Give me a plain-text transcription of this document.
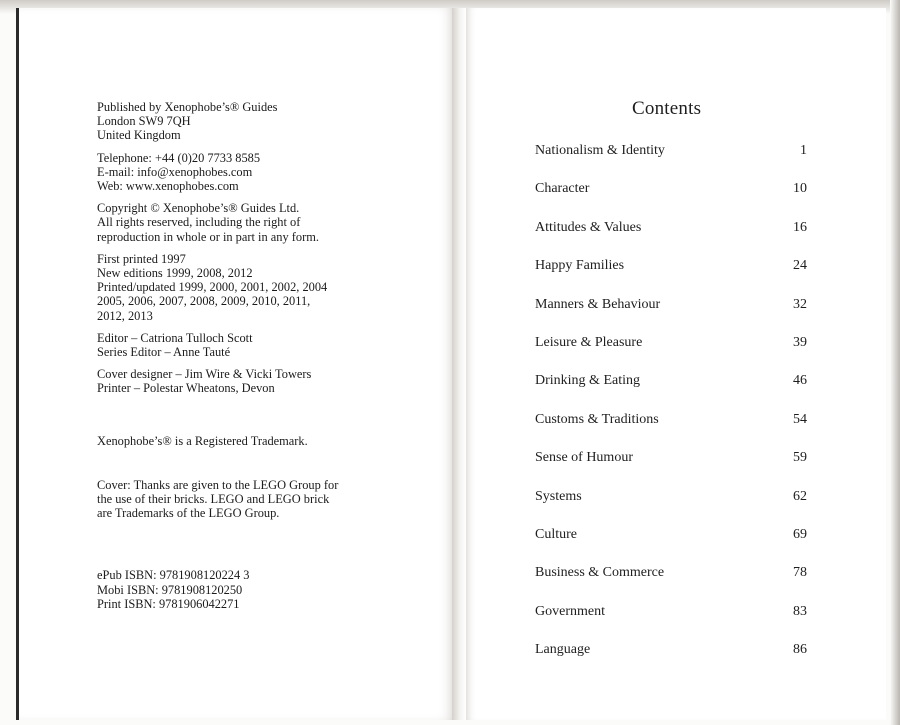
Published by Xenophobe’s® Guides
London SW9 7QH
United Kingdom
Telephone: +44 (0)20 7733 8585
E-mail: info@xenophobes.com
Web: www.xenophobes.com
Copyright © Xenophobe’s® Guides Ltd.
All rights reserved, including the right of
reproduction in whole or in part in any form.
First printed 1997
New editions 1999, 2008, 2012
Printed/updated 1999, 2000, 2001, 2002, 2004
2005, 2006, 2007, 2008, 2009, 2010, 2011,
2012, 2013
Editor – Catriona Tulloch Scott
Series Editor – Anne Tauté
Cover designer – Jim Wire & Vicki Towers
Printer – Polestar Wheatons, Devon
Xenophobe’s® is a Registered Trademark.
Cover: Thanks are given to the LEGO Group for
the use of their bricks. LEGO and LEGO brick
are Trademarks of the LEGO Group.
ePub ISBN: 9781908120224 3
Mobi ISBN: 9781908120250
Print ISBN: 9781906042271
Contents
Nationalism & Identity	1
Character	10
Attitudes & Values	16
Happy Families	24
Manners & Behaviour	32
Leisure & Pleasure	39
Drinking & Eating	46
Customs & Traditions	54
Sense of Humour	59
Systems	62
Culture	69
Business & Commerce	78
Government	83
Language	86
